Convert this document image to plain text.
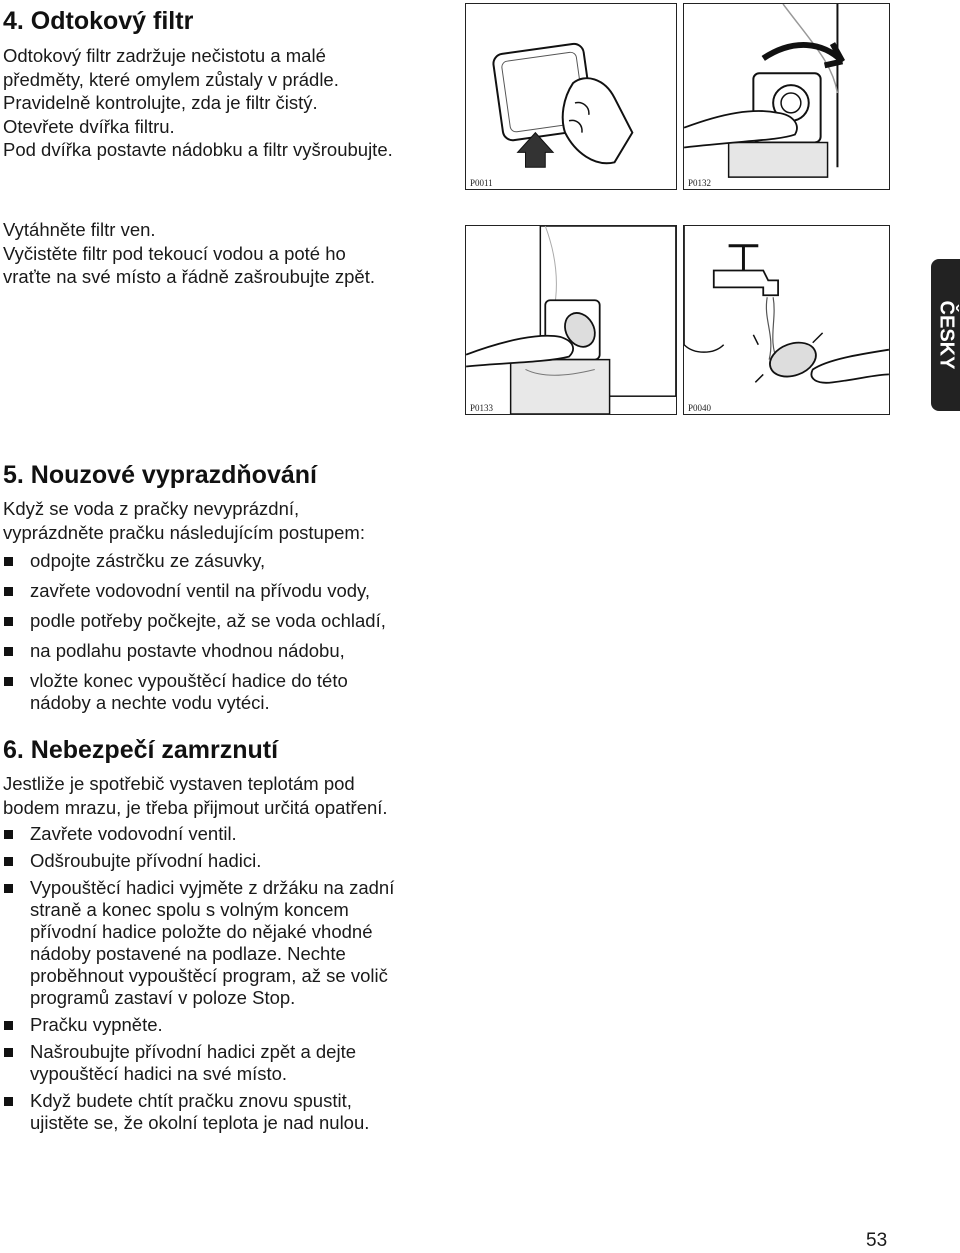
4. Odtokový filtr
Odtokový filtr zadržuje nečistotu a malé
předměty, které omylem zůstaly v prádle.
Pravidelně kontrolujte, zda je filtr čistý.
Otevřete dvířka filtru.
Pod dvířka postavte nádobku a filtr vyšroubujte.
Vytáhněte filtr ven.
Vyčistěte filtr pod tekoucí vodou a poté ho
vraťte na své místo a řádně zašroubujte zpět.
P0011	P0132
P0133	P0040
ČESKY
5. Nouzové vyprazdňování
Když se voda z pračky nevyprázdní,
vyprázdněte pračku následujícím postupem:
odpojte zástrčku ze zásuvky,
zavřete vodovodní ventil na přívodu vody,
podle potřeby počkejte, až se voda ochladí,
na podlahu postavte vhodnou nádobu,
vložte konec vypouštěcí hadice do této
nádoby a nechte vodu vytéci.
6. Nebezpečí zamrznutí
Jestliže je spotřebič vystaven teplotám pod
bodem mrazu, je třeba přijmout určitá opatření.
Zavřete vodovodní ventil.
Odšroubujte přívodní hadici.
Vypouštěcí hadici vyjměte z držáku na zadní
straně a konec spolu s volným koncem
přívodní hadice položte do nějaké vhodné
nádoby postavené na podlaze. Nechte
proběhnout vypouštěcí program, až se volič
programů zastaví v poloze Stop.
Pračku vypněte.
Našroubujte přívodní hadici zpět a dejte
vypouštěcí hadici na své místo.
Když budete chtít pračku znovu spustit,
ujistěte se, že okolní teplota je nad nulou.
53
